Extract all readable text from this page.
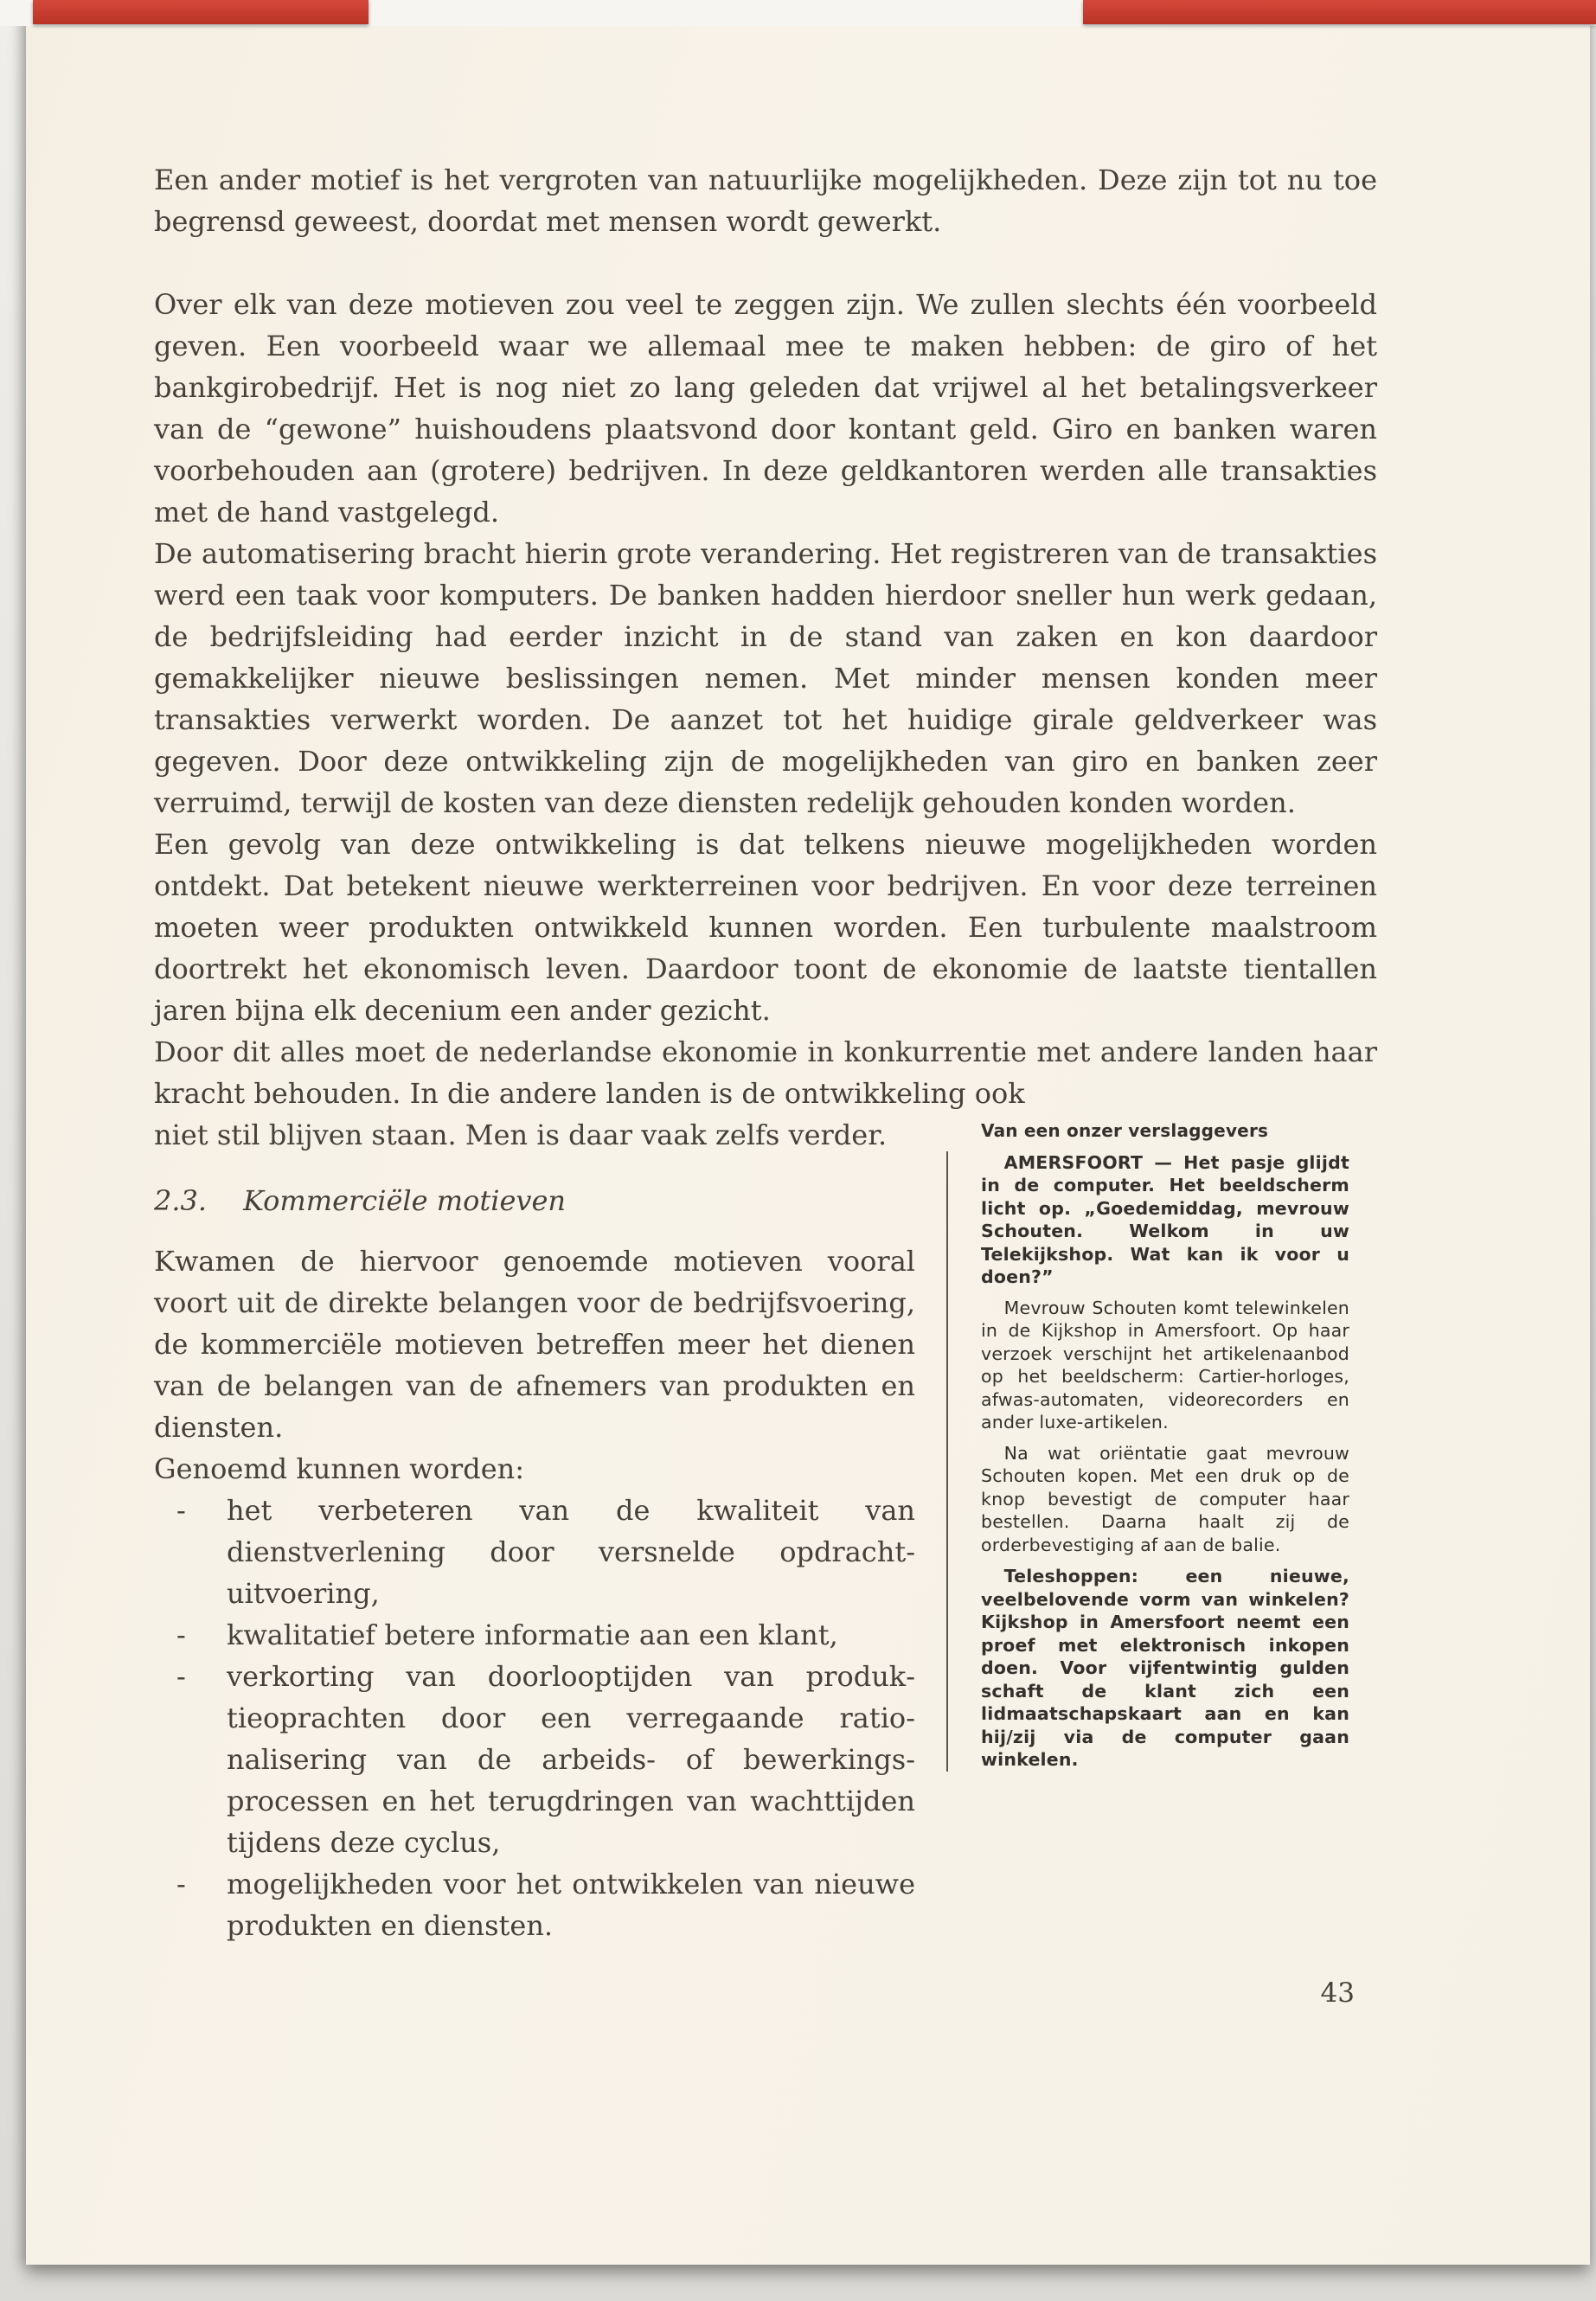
Een ander motief is het vergroten van natuurlijke mogelijkheden. Deze zijn tot nu toe begrensd geweest, doordat met mensen wordt gewerkt.

Over elk van deze motieven zou veel te zeggen zijn. We zullen slechts één voorbeeld geven. Een voorbeeld waar we allemaal mee te maken hebben: de giro of het bankgirobedrijf. Het is nog niet zo lang geleden dat vrijwel al het betalingsverkeer van de “gewone” huishoudens plaatsvond door kontant geld. Giro en banken waren voorbehouden aan (grotere) bedrijven. In deze geldkantoren werden alle transakties met de hand vastgelegd.

De automatisering bracht hierin grote verandering. Het registreren van de transakties werd een taak voor komputers. De banken hadden hierdoor sneller hun werk gedaan, de bedrijfsleiding had eerder inzicht in de stand van zaken en kon daardoor gemakkelijker nieuwe beslissingen nemen. Met minder mensen konden meer transakties verwerkt worden. De aanzet tot het huidige girale geldverkeer was gegeven. Door deze ontwikkeling zijn de mogelijkheden van giro en banken zeer verruimd, terwijl de kosten van deze diensten redelijk gehouden konden worden.

Een gevolg van deze ontwikkeling is dat telkens nieuwe mogelijkheden worden ontdekt. Dat betekent nieuwe werkterreinen voor bedrijven. En voor deze terreinen moeten weer produkten ontwikkeld kunnen worden. Een turbulente maalstroom doortrekt het ekonomisch leven. Daardoor toont de ekonomie de laatste tientallen jaren bijna elk decenium een ander gezicht.

Door dit alles moet de nederlandse ekonomie in konkurrentie met andere landen haar kracht behouden. In die andere landen is de ontwikkeling ook

niet stil blijven staan. Men is daar vaak zelfs verder.

2.3. Kommerciële motieven

Kwamen de hiervoor genoemde motieven vooral voort uit de direkte belangen voor de bedrijfsvoering, de kommerciële motieven betreffen meer het dienen van de belangen van de afnemers van produkten en diensten.

Genoemd kunnen worden:

-	het verbeteren van de kwaliteit van dienstverlening door versnelde opdrachtuitvoering,
-	kwalitatief betere informatie aan een klant,
-	verkorting van doorlooptijden van produktieoprachten door een verregaande rationalisering van de arbeids- of bewerkingsprocessen en het terugdringen van wachttijden tijdens deze cyclus,
-	mogelijkheden voor het ontwikkelen van nieuwe produkten en diensten.
Van een onzer verslaggevers

AMERSFOORT — Het pasje glijdt in de computer. Het beeldscherm licht op. „Goedemiddag, mevrouw Schouten. Welkom in uw Telekijkshop. Wat kan ik voor u doen?”

Mevrouw Schouten komt telewinkelen in de Kijkshop in Amersfoort. Op haar verzoek verschijnt het artikelenaanbod op het beeldscherm: Cartier-horloges, afwas-automaten, videorecorders en ander luxe-artikelen.

Na wat oriëntatie gaat mevrouw Schouten kopen. Met een druk op de knop bevestigt de computer haar bestellen. Daarna haalt zij de orderbevestiging af aan de balie.

Teleshoppen: een nieuwe, veelbelovende vorm van winkelen? Kijkshop in Amersfoort neemt een proef met elektronisch inkopen doen. Voor vijfentwintig gulden schaft de klant zich een lidmaatschapskaart aan en kan hij/zij via de computer gaan winkelen.

43
